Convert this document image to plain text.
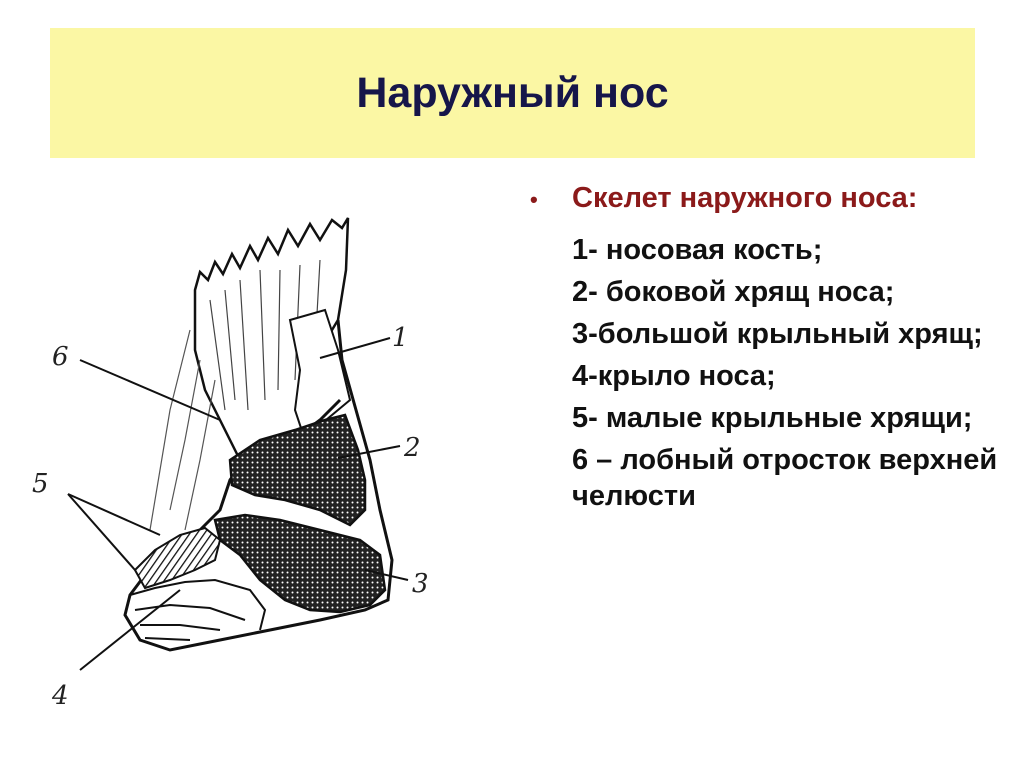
Наружный нос
1
2
3
4
5
6
•	Скелет наружного носа:
1- носовая кость;
2- боковой хрящ носа;
3-большой крыльный хрящ;
4-крыло носа;
5- малые крыльные хрящи;
6 – лобный отросток верхней челюсти
